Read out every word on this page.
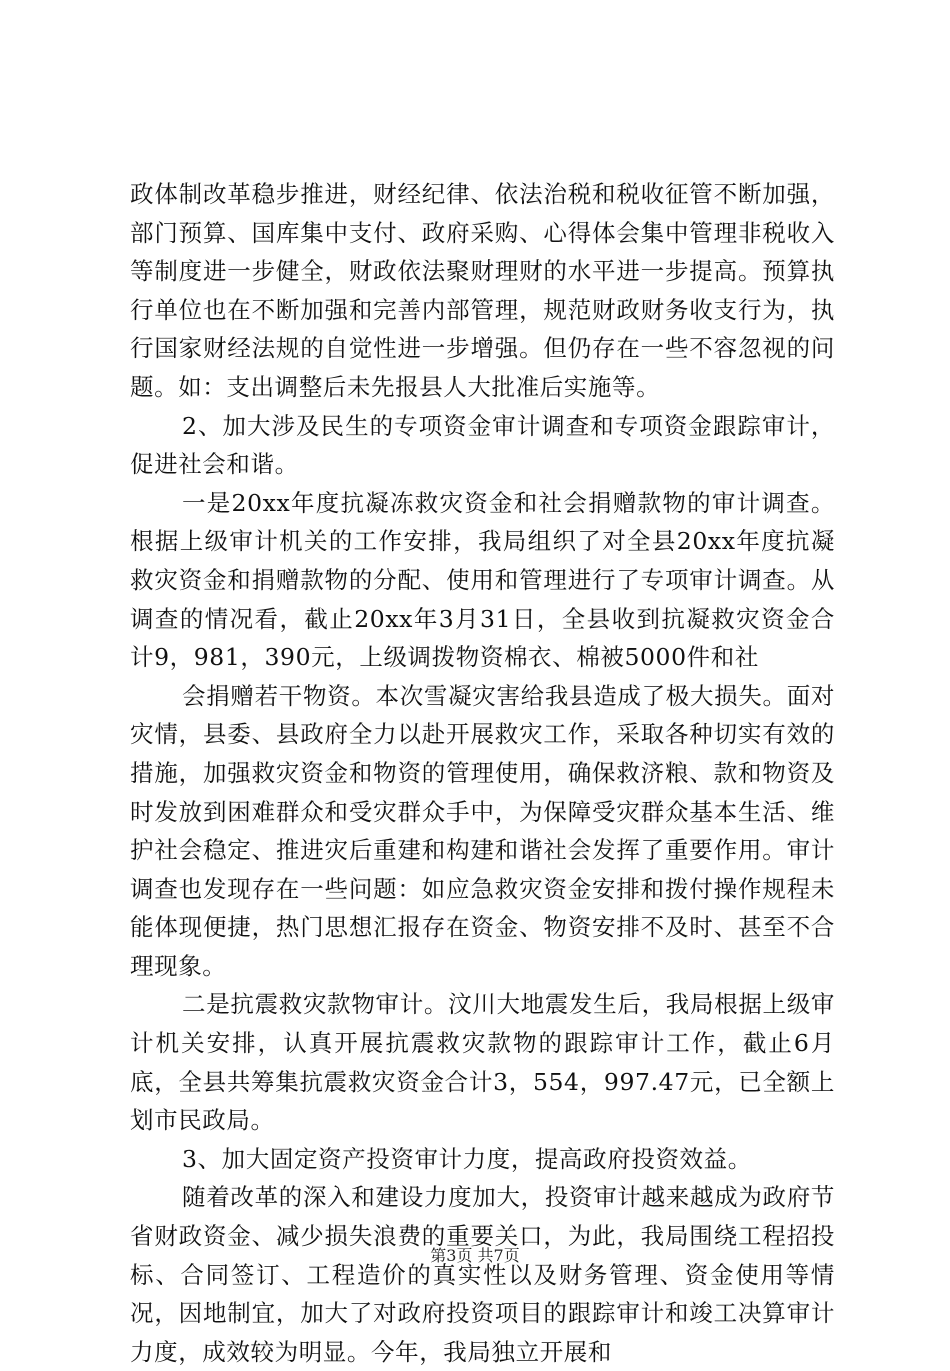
政体制改革稳步推进，财经纪律、依法治税和税收征管不断加强，部门预算、国库集中支付、政府采购、心得体会集中管理非税收入等制度进一步健全，财政依法聚财理财的水平进一步提高。预算执行单位也在不断加强和完善内部管理，规范财政财务收支行为，执行国家财经法规的自觉性进一步增强。但仍存在一些不容忽视的问题。如：支出调整后未先报县人大批准后实施等。

2、加大涉及民生的专项资金审计调查和专项资金跟踪审计，促进社会和谐。

一是20xx年度抗凝冻救灾资金和社会捐赠款物的审计调查。根据上级审计机关的工作安排，我局组织了对全县20xx年度抗凝救灾资金和捐赠款物的分配、使用和管理进行了专项审计调查。从调查的情况看，截止20xx年3月31日，全县收到抗凝救灾资金合计9，981，390元，上级调拨物资棉衣、棉被5000件和社

会捐赠若干物资。本次雪凝灾害给我县造成了极大损失。面对灾情，县委、县政府全力以赴开展救灾工作，采取各种切实有效的措施，加强救灾资金和物资的管理使用，确保救济粮、款和物资及时发放到困难群众和受灾群众手中，为保障受灾群众基本生活、维护社会稳定、推进灾后重建和构建和谐社会发挥了重要作用。审计调查也发现存在一些问题：如应急救灾资金安排和拨付操作规程未能体现便捷，热门思想汇报存在资金、物资安排不及时、甚至不合理现象。

二是抗震救灾款物审计。汶川大地震发生后，我局根据上级审计机关安排，认真开展抗震救灾款物的跟踪审计工作，截止6月底，全县共筹集抗震救灾资金合计3，554，997.47元，已全额上划市民政局。

3、加大固定资产投资审计力度，提高政府投资效益。

随着改革的深入和建设力度加大，投资审计越来越成为政府节省财政资金、减少损失浪费的重要关口，为此，我局围绕工程招投标、合同签订、工程造价的真实性以及财务管理、资金使用等情况，因地制宜，加大了对政府投资项目的跟踪审计和竣工决算审计力度，成效较为明显。今年，我局独立开展和

第3页 共7页
